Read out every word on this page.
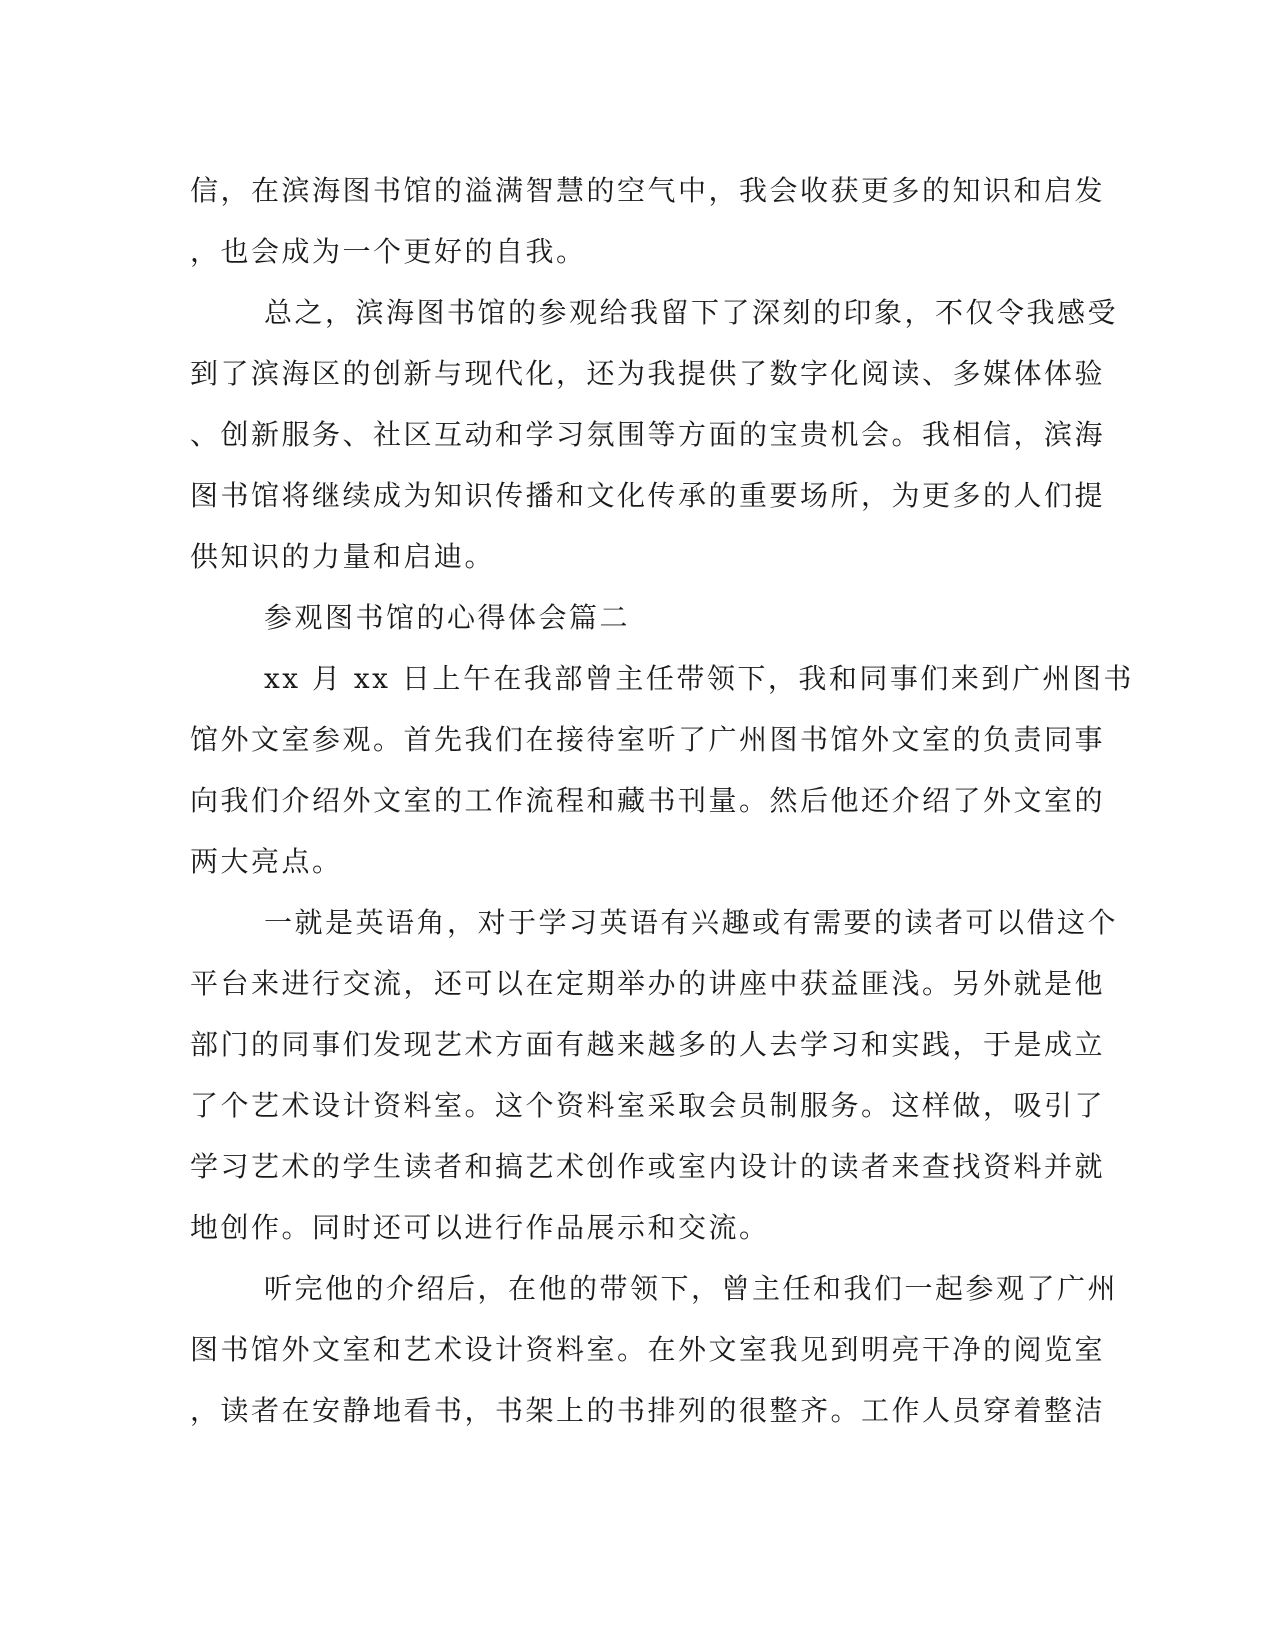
信，在滨海图书馆的溢满智慧的空气中，我会收获更多的知识和启发
，也会成为一个更好的自我。
总之，滨海图书馆的参观给我留下了深刻的印象，不仅令我感受
到了滨海区的创新与现代化，还为我提供了数字化阅读、多媒体体验
、创新服务、社区互动和学习氛围等方面的宝贵机会。我相信，滨海
图书馆将继续成为知识传播和文化传承的重要场所，为更多的人们提
供知识的力量和启迪。
参观图书馆的心得体会篇二
xx 月 xx 日上午在我部曾主任带领下，我和同事们来到广州图书
馆外文室参观。首先我们在接待室听了广州图书馆外文室的负责同事
向我们介绍外文室的工作流程和藏书刊量。然后他还介绍了外文室的
两大亮点。
一就是英语角，对于学习英语有兴趣或有需要的读者可以借这个
平台来进行交流，还可以在定期举办的讲座中获益匪浅。另外就是他
部门的同事们发现艺术方面有越来越多的人去学习和实践，于是成立
了个艺术设计资料室。这个资料室采取会员制服务。这样做，吸引了
学习艺术的学生读者和搞艺术创作或室内设计的读者来查找资料并就
地创作。同时还可以进行作品展示和交流。
听完他的介绍后，在他的带领下，曾主任和我们一起参观了广州
图书馆外文室和艺术设计资料室。在外文室我见到明亮干净的阅览室
，读者在安静地看书，书架上的书排列的很整齐。工作人员穿着整洁
